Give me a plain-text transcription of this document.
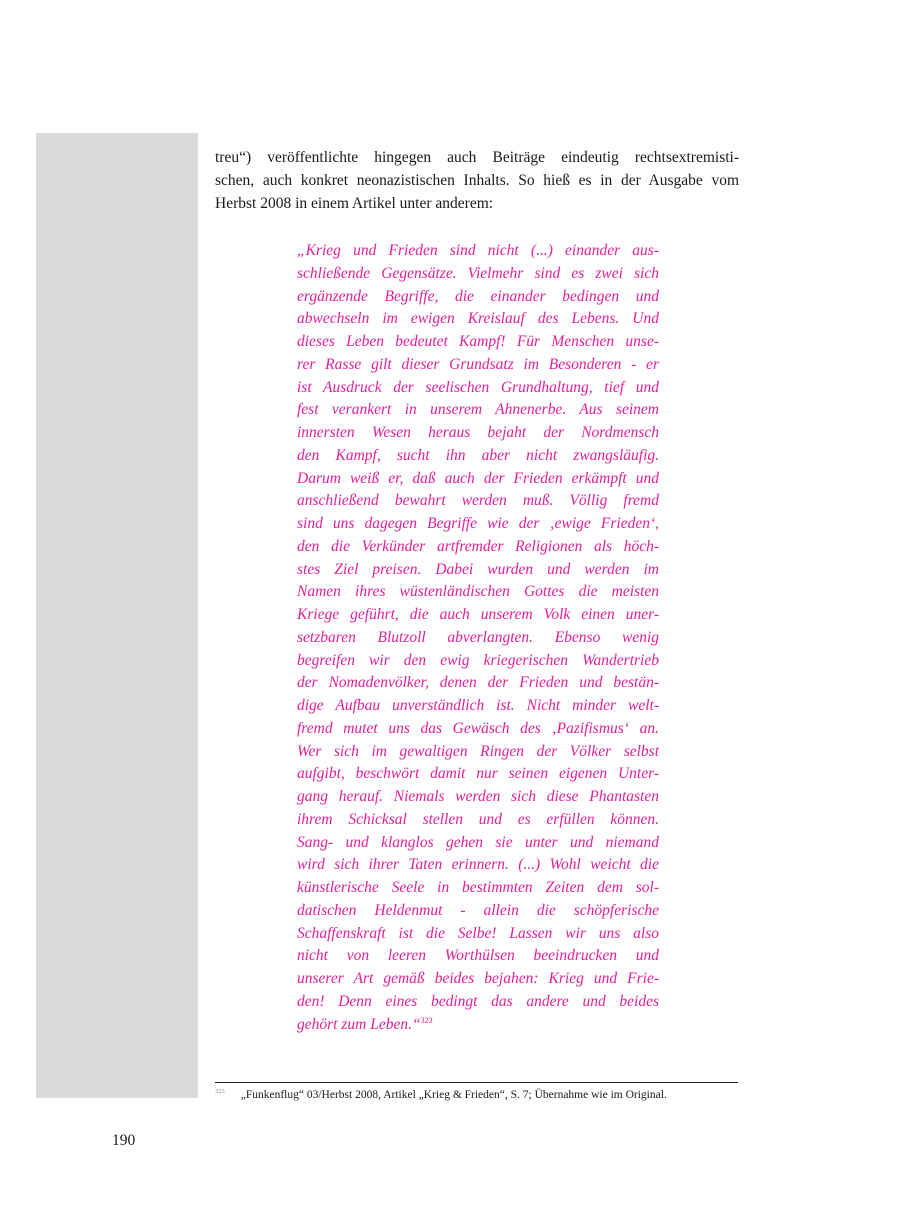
treu“) veröffentlichte hingegen auch Beiträge eindeutig rechtsextremisti-
schen, auch konkret neonazistischen Inhalts. So hieß es in der Ausgabe vom
Herbst 2008 in einem Artikel unter anderem:
„Krieg und Frieden sind nicht (...) einander aus-
schließende Gegensätze. Vielmehr sind es zwei sich
ergänzende Begriffe, die einander bedingen und
abwechseln im ewigen Kreislauf des Lebens. Und
dieses Leben bedeutet Kampf! Für Menschen unse-
rer Rasse gilt dieser Grundsatz im Besonderen - er
ist Ausdruck der seelischen Grundhaltung, tief und
fest verankert in unserem Ahnenerbe. Aus seinem
innersten Wesen heraus bejaht der Nordmensch
den Kampf, sucht ihn aber nicht zwangsläufig.
Darum weiß er, daß auch der Frieden erkämpft und
anschließend bewahrt werden muß. Völlig fremd
sind uns dagegen Begriffe wie der ‚ewige Frieden‘,
den die Verkünder artfremder Religionen als höch-
stes Ziel preisen. Dabei wurden und werden im
Namen ihres wüstenländischen Gottes die meisten
Kriege geführt, die auch unserem Volk einen uner-
setzbaren Blutzoll abverlangten. Ebenso wenig
begreifen wir den ewig kriegerischen Wandertrieb
der Nomadenvölker, denen der Frieden und bestän-
dige Aufbau unverständlich ist. Nicht minder welt-
fremd mutet uns das Gewäsch des ‚Pazifismus‘ an.
Wer sich im gewaltigen Ringen der Völker selbst
aufgibt, beschwört damit nur seinen eigenen Unter-
gang herauf. Niemals werden sich diese Phantasten
ihrem Schicksal stellen und es erfüllen können.
Sang- und klanglos gehen sie unter und niemand
wird sich ihrer Taten erinnern. (...) Wohl weicht die
künstlerische Seele in bestimmten Zeiten dem sol-
datischen Heldenmut - allein die schöpferische
Schaffenskraft ist die Selbe! Lassen wir uns also
nicht von leeren Worthülsen beeindrucken und
unserer Art gemäß beides bejahen: Krieg und Frie-
den! Denn eines bedingt das andere und beides
gehört zum Leben.“$^{323}$
$^{323}$ „Funkenflug“ 03/Herbst 2008, Artikel „Krieg & Frieden“, S. 7; Übernahme wie im Original.
190
